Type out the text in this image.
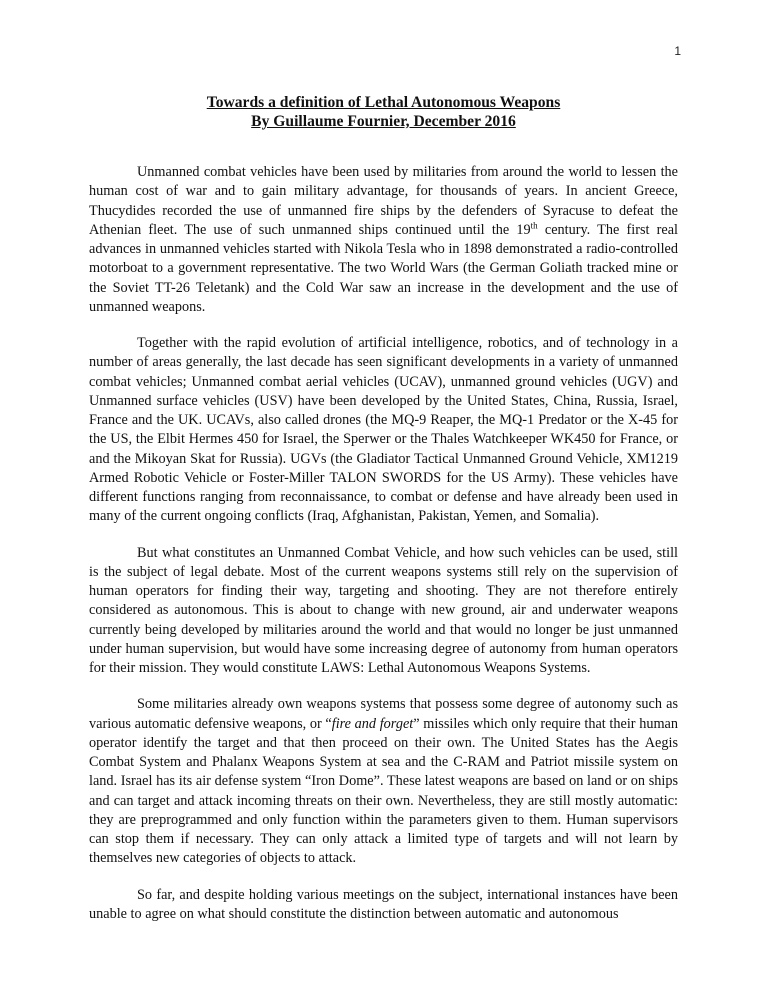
1
Towards a definition of Lethal Autonomous Weapons
By Guillaume Fournier, December 2016

Unmanned combat vehicles have been used by militaries from around the world to lessen the human cost of war and to gain military advantage, for thousands of years. In ancient Greece, Thucydides recorded the use of unmanned fire ships by the defenders of Syracuse to defeat the Athenian fleet. The use of such unmanned ships continued until the 19th century. The first real advances in unmanned vehicles started with Nikola Tesla who in 1898 demonstrated a radio-controlled motorboat to a government representative. The two World Wars (the German Goliath tracked mine or the Soviet TT-26 Teletank) and the Cold War saw an increase in the development and the use of unmanned weapons.

Together with the rapid evolution of artificial intelligence, robotics, and of technology in a number of areas generally, the last decade has seen significant developments in a variety of unmanned combat vehicles; Unmanned combat aerial vehicles (UCAV), unmanned ground vehicles (UGV) and Unmanned surface vehicles (USV) have been developed by the United States, China, Russia, Israel, France and the UK. UCAVs, also called drones (the MQ-9 Reaper, the MQ-1 Predator or the X-45 for the US, the Elbit Hermes 450 for Israel, the Sperwer or the Thales Watchkeeper WK450 for France, or and the Mikoyan Skat for Russia). UGVs (the Gladiator Tactical Unmanned Ground Vehicle, XM1219 Armed Robotic Vehicle or Foster-Miller TALON SWORDS for the US Army). These vehicles have different functions ranging from reconnaissance, to combat or defense and have already been used in many of the current ongoing conflicts (Iraq, Afghanistan, Pakistan, Yemen, and Somalia).

But what constitutes an Unmanned Combat Vehicle, and how such vehicles can be used, still is the subject of legal debate. Most of the current weapons systems still rely on the supervision of human operators for finding their way, targeting and shooting. They are not therefore entirely considered as autonomous. This is about to change with new ground, air and underwater weapons currently being developed by militaries around the world and that would no longer be just unmanned under human supervision, but would have some increasing degree of autonomy from human operators for their mission. They would constitute LAWS: Lethal Autonomous Weapons Systems.

Some militaries already own weapons systems that possess some degree of autonomy such as various automatic defensive weapons, or “fire and forget” missiles which only require that their human operator identify the target and that then proceed on their own. The United States has the Aegis Combat System and Phalanx Weapons System at sea and the C-RAM and Patriot missile system on land. Israel has its air defense system “Iron Dome”. These latest weapons are based on land or on ships and can target and attack incoming threats on their own. Nevertheless, they are still mostly automatic: they are preprogrammed and only function within the parameters given to them. Human supervisors can stop them if necessary. They can only attack a limited type of targets and will not learn by themselves new categories of objects to attack.

So far, and despite holding various meetings on the subject, international instances have been unable to agree on what should constitute the distinction between automatic and autonomous
